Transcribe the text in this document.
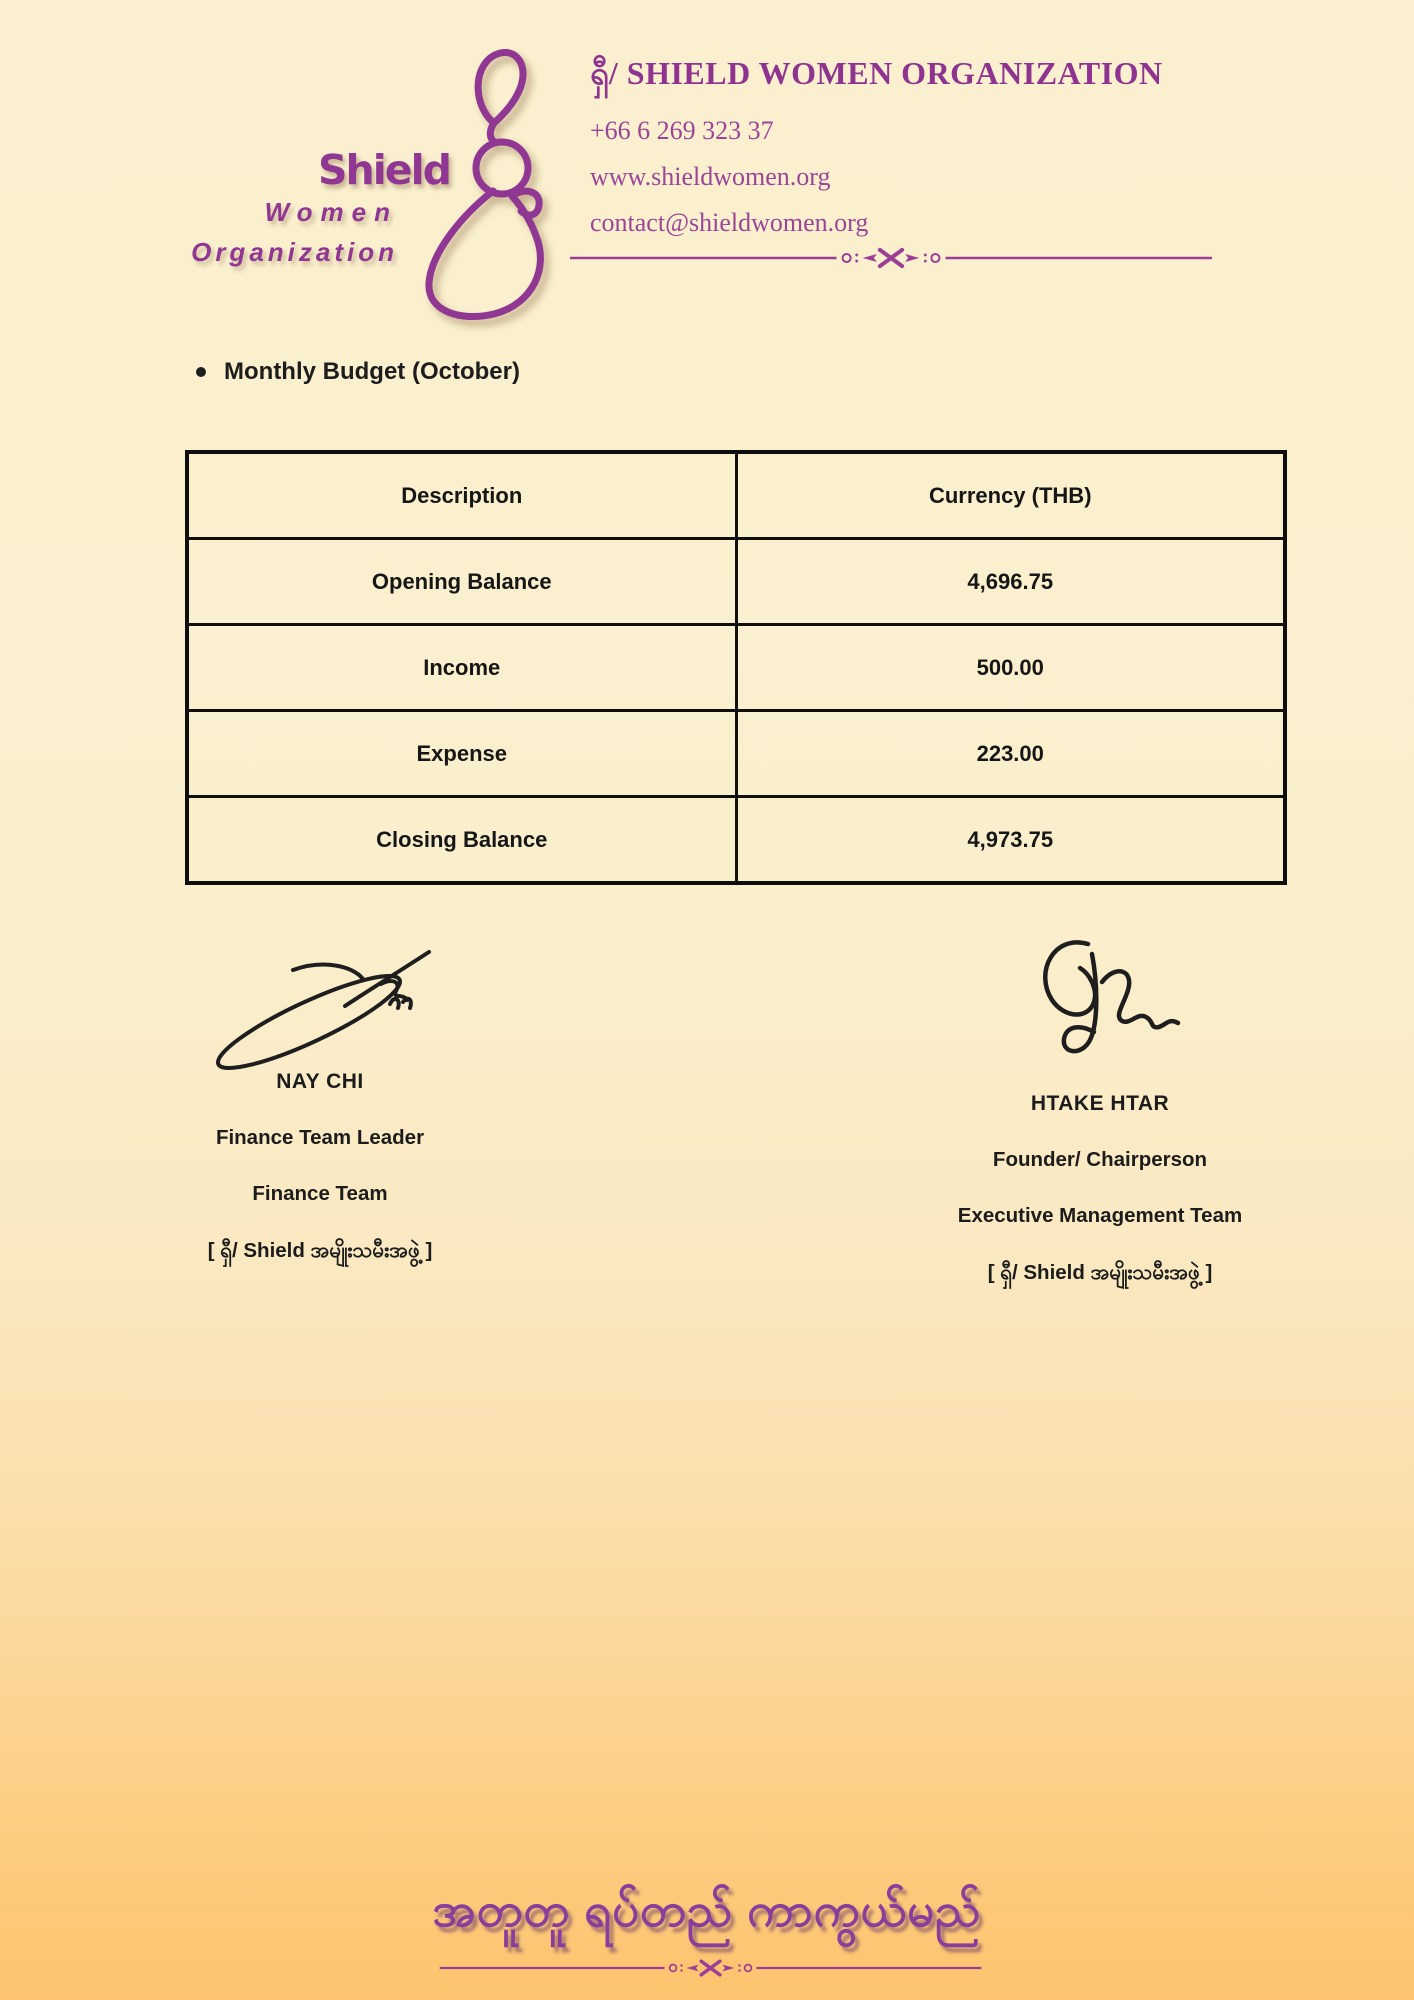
Shield
Women
Organization
ရှီ/ SHIELD WOMEN ORGANIZATION
+66 6 269 323 37
www.shieldwomen.org
contact@shieldwomen.org
Monthly Budget (October)
Description	Currency (THB)
Opening Balance	4,696.75
Income	500.00
Expense	223.00
Closing Balance	4,973.75
NAY CHI
Finance Team Leader
Finance Team
[ ရှီ/ Shield အမျိုးသမီးအဖွဲ့ ]
HTAKE HTAR
Founder/ Chairperson
Executive Management Team
[ ရှီ/ Shield အမျိုးသမီးအဖွဲ့ ]
အတူတူ ရပ်တည် ကာကွယ်မည်
